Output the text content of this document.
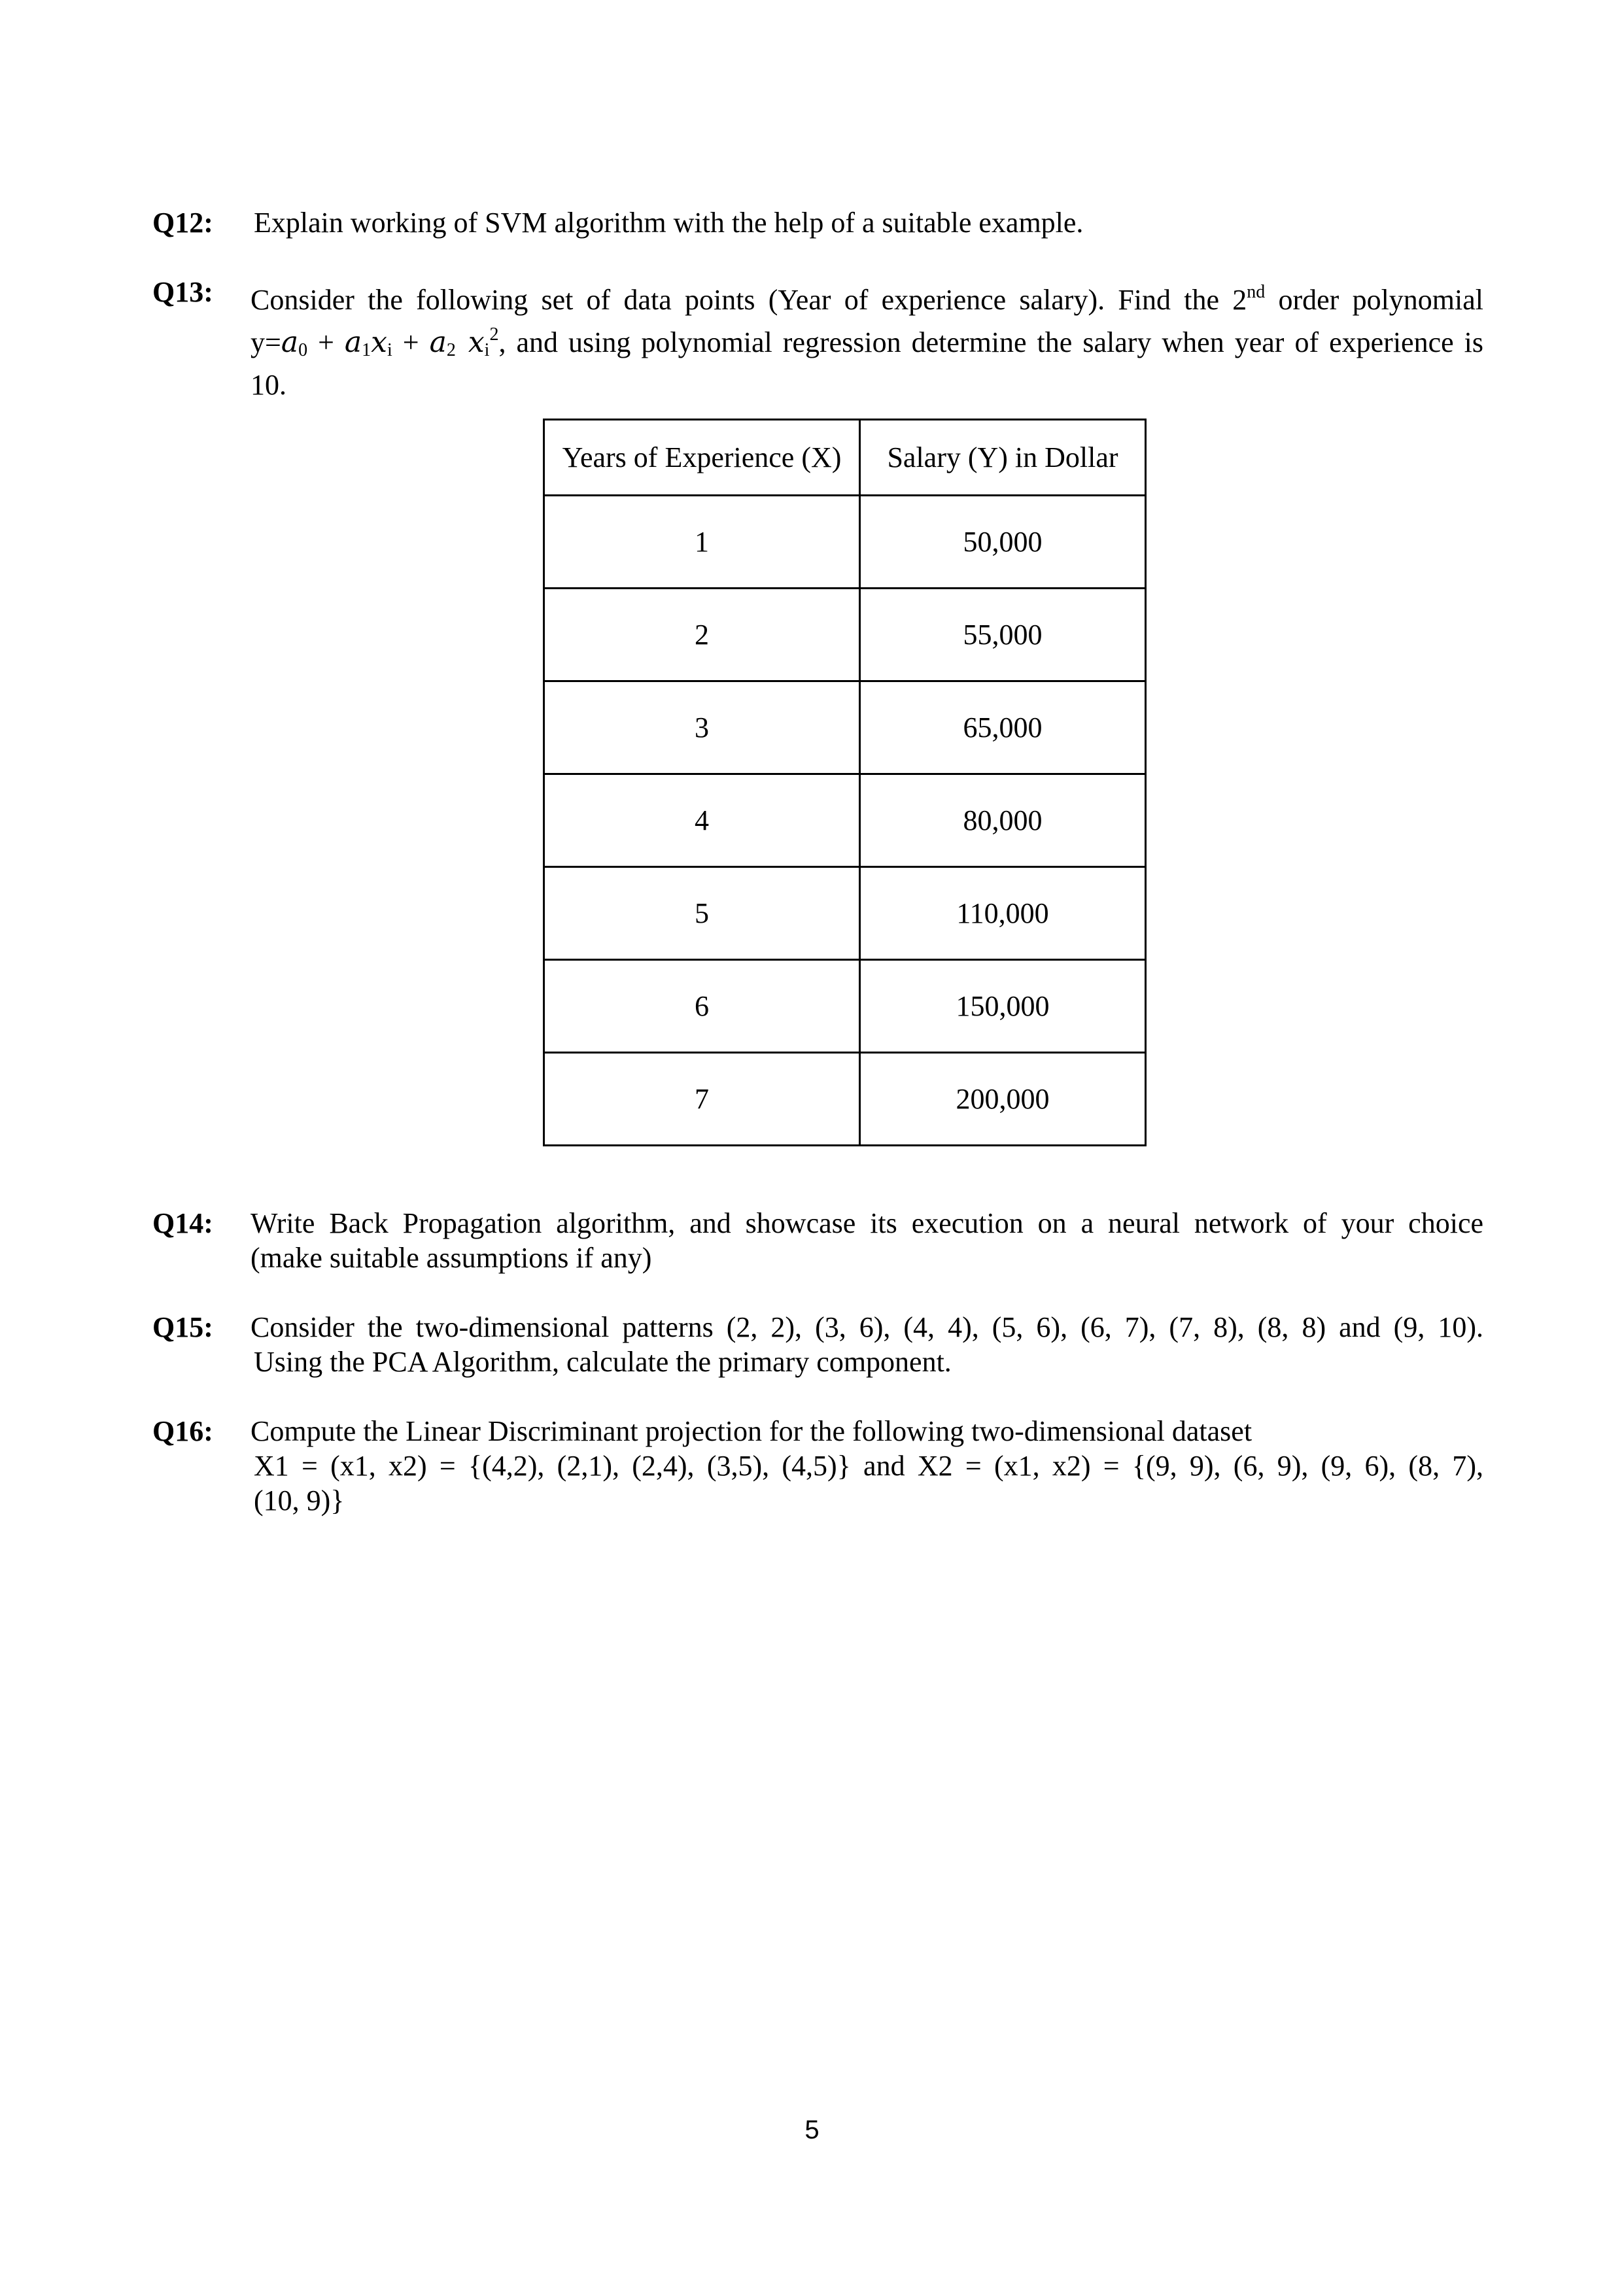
Q12: Explain working of SVM algorithm with the help of a suitable example.
Q13: Consider the following set of data points (Year of experience salary). Find the 2nd order polynomial
$y=a_0 + a_1x_i + a_2$ $x_i^2$, and using polynomial regression determine the salary when year of experience is
10.
Years of Experience (X)	Salary (Y) in Dollar
1	50,000
2	55,000
3	65,000
4	80,000
5	110,000
6	150,000
7	200,000
Q14: Write Back Propagation algorithm, and showcase its execution on a neural network of your choice
(make suitable assumptions if any)
Q15: Consider the two-dimensional patterns (2, 2), (3, 6), (4, 4), (5, 6), (6, 7), (7, 8), (8, 8) and (9, 10).
Using the PCA Algorithm, calculate the primary component.
Q16: Compute the Linear Discriminant projection for the following two-dimensional dataset
X1 = (x1, x2) = {(4,2), (2,1), (2,4), (3,5), (4,5)} and X2 = (x1, x2) = {(9, 9), (6, 9), (9, 6), (8, 7),
(10, 9)}
5
